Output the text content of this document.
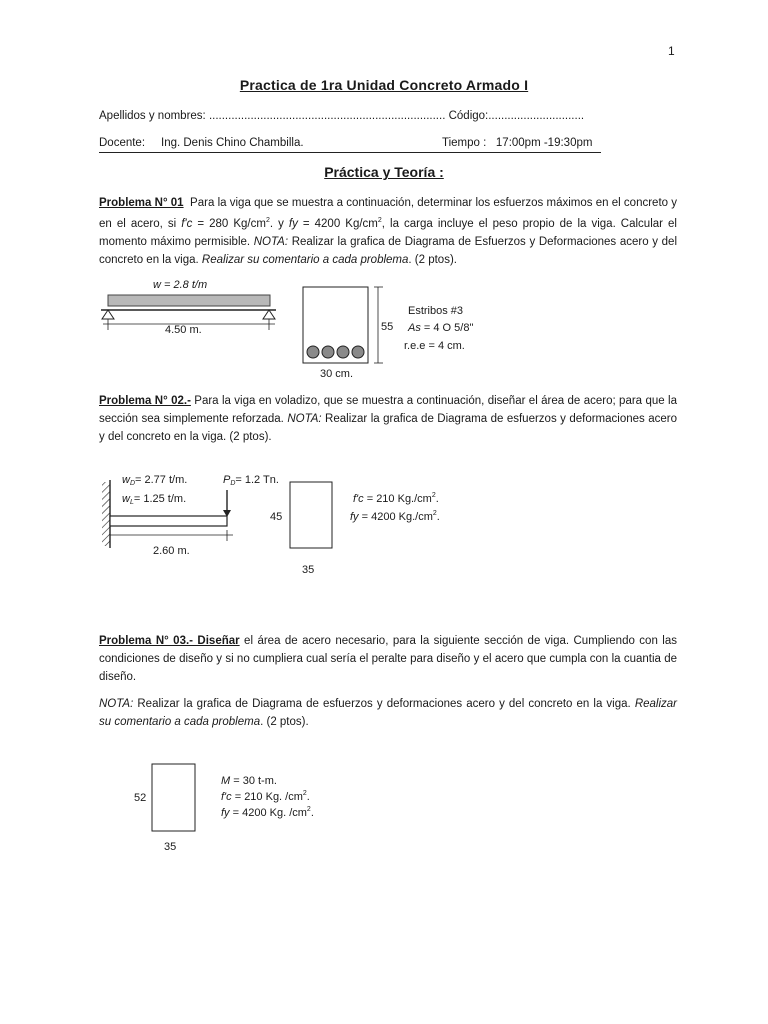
1
Practica de 1ra Unidad Concreto Armado I
Apellidos y nombres: .......................................................................... Código:..............................
Docente: Ing. Denis Chino Chambilla.	Tiempo : 17:00pm -19:30pm
Práctica y Teoría :
Problema N° 01 Para la viga que se muestra a continuación, determinar los esfuerzos máximos en el concreto y en el acero, si f'c = 280 $Kg/cm^2$. y fy = 4200 $Kg/cm^2$, la carga incluye el peso propio de la viga. Calcular el momento máximo permisible. NOTA: Realizar la grafica de Diagrama de Esfuerzos y Deformaciones acero y del concreto en la viga. Realizar su comentario a cada problema. (2 ptos).
Problema N° 02.- Para la viga en voladizo, que se muestra a continuación, diseñar el área de acero; para que la sección sea simplemente reforzada. NOTA: Realizar la grafica de Diagrama de esfuerzos y deformaciones acero y del concreto en la viga. (2 ptos).
Problema N° 03.- Diseñar el área de acero necesario, para la siguiente sección de viga. Cumpliendo con las condiciones de diseño y si no cumpliera cual sería el peralte para diseño y el acero que cumpla con la cuantia de diseño.
NOTA: Realizar la grafica de Diagrama de esfuerzos y deformaciones acero y del concreto en la viga. Realizar su comentario a cada problema. (2 ptos).
w = 2.8 t/m
4.50 m.	55
30 cm.
Estribos #3
As = 4 O 5/8"
r.e.e = 4 cm.
2.60 m.
wD= 2.77 t/m.
wL= 1.25 t/m.
PD= 1.2 Tn.
45
35
f'c = 210 $Kg./cm^2$.
fy = 4200 $Kg./cm^2$.
52
35
M = 30 t-m.
f'c = 210 Kg. $/cm^2$.
fy = 4200 Kg. $/cm^2$.
